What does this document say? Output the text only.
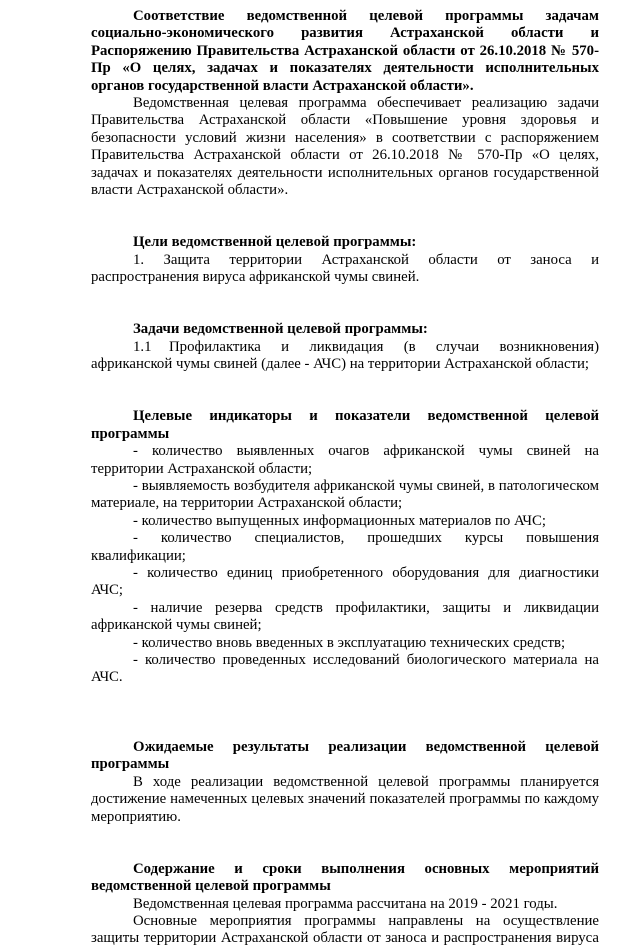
Соответствие ведомственной целевой программы задачам социально-экономического развития Астраханской области и Распоряжению Правительства Астраханской области от 26.10.2018 № 570-Пр «О целях, задачах и показателях деятельности исполнительных органов государственной власти Астраханской области».

Ведомственная целевая программа обеспечивает реализацию задачи Правительства Астраханской области «Повышение уровня здоровья и безопасности условий жизни населения» в соответствии с распоряжением Правительства Астраханской области от 26.10.2018 № 570-Пр «О целях, задачах и показателях деятельности исполнительных органов государственной власти Астраханской области».

Цели ведомственной целевой программы:

1. Защита территории Астраханской области от заноса и распространения вируса африканской чумы свиней.

Задачи ведомственной целевой программы:

1.1 Профилактика и ликвидация (в случаи возникновения) африканской чумы свиней (далее - АЧС) на территории Астраханской области;

Целевые индикаторы и показатели ведомственной целевой программы

- количество выявленных очагов африканской чумы свиней на территории Астраханской области;

- выявляемость возбудителя африканской чумы свиней, в патологическом материале, на территории Астраханской области;

- количество выпущенных информационных материалов по АЧС;

- количество специалистов, прошедших курсы повышения квалификации;

- количество единиц приобретенного оборудования для диагностики АЧС;

- наличие резерва средств профилактики, защиты и ликвидации африканской чумы свиней;

- количество вновь введенных в эксплуатацию технических средств;

- количество проведенных исследований биологического материала на АЧС.

Ожидаемые результаты реализации ведомственной целевой программы

В ходе реализации ведомственной целевой программы планируется достижение намеченных целевых значений показателей программы по каждому мероприятию.

Содержание и сроки выполнения основных мероприятий ведомственной целевой программы

Ведомственная целевая программа рассчитана на 2019 - 2021 годы.

Основные мероприятия программы направлены на осуществление защиты территории Астраханской области от заноса и распространения вируса
